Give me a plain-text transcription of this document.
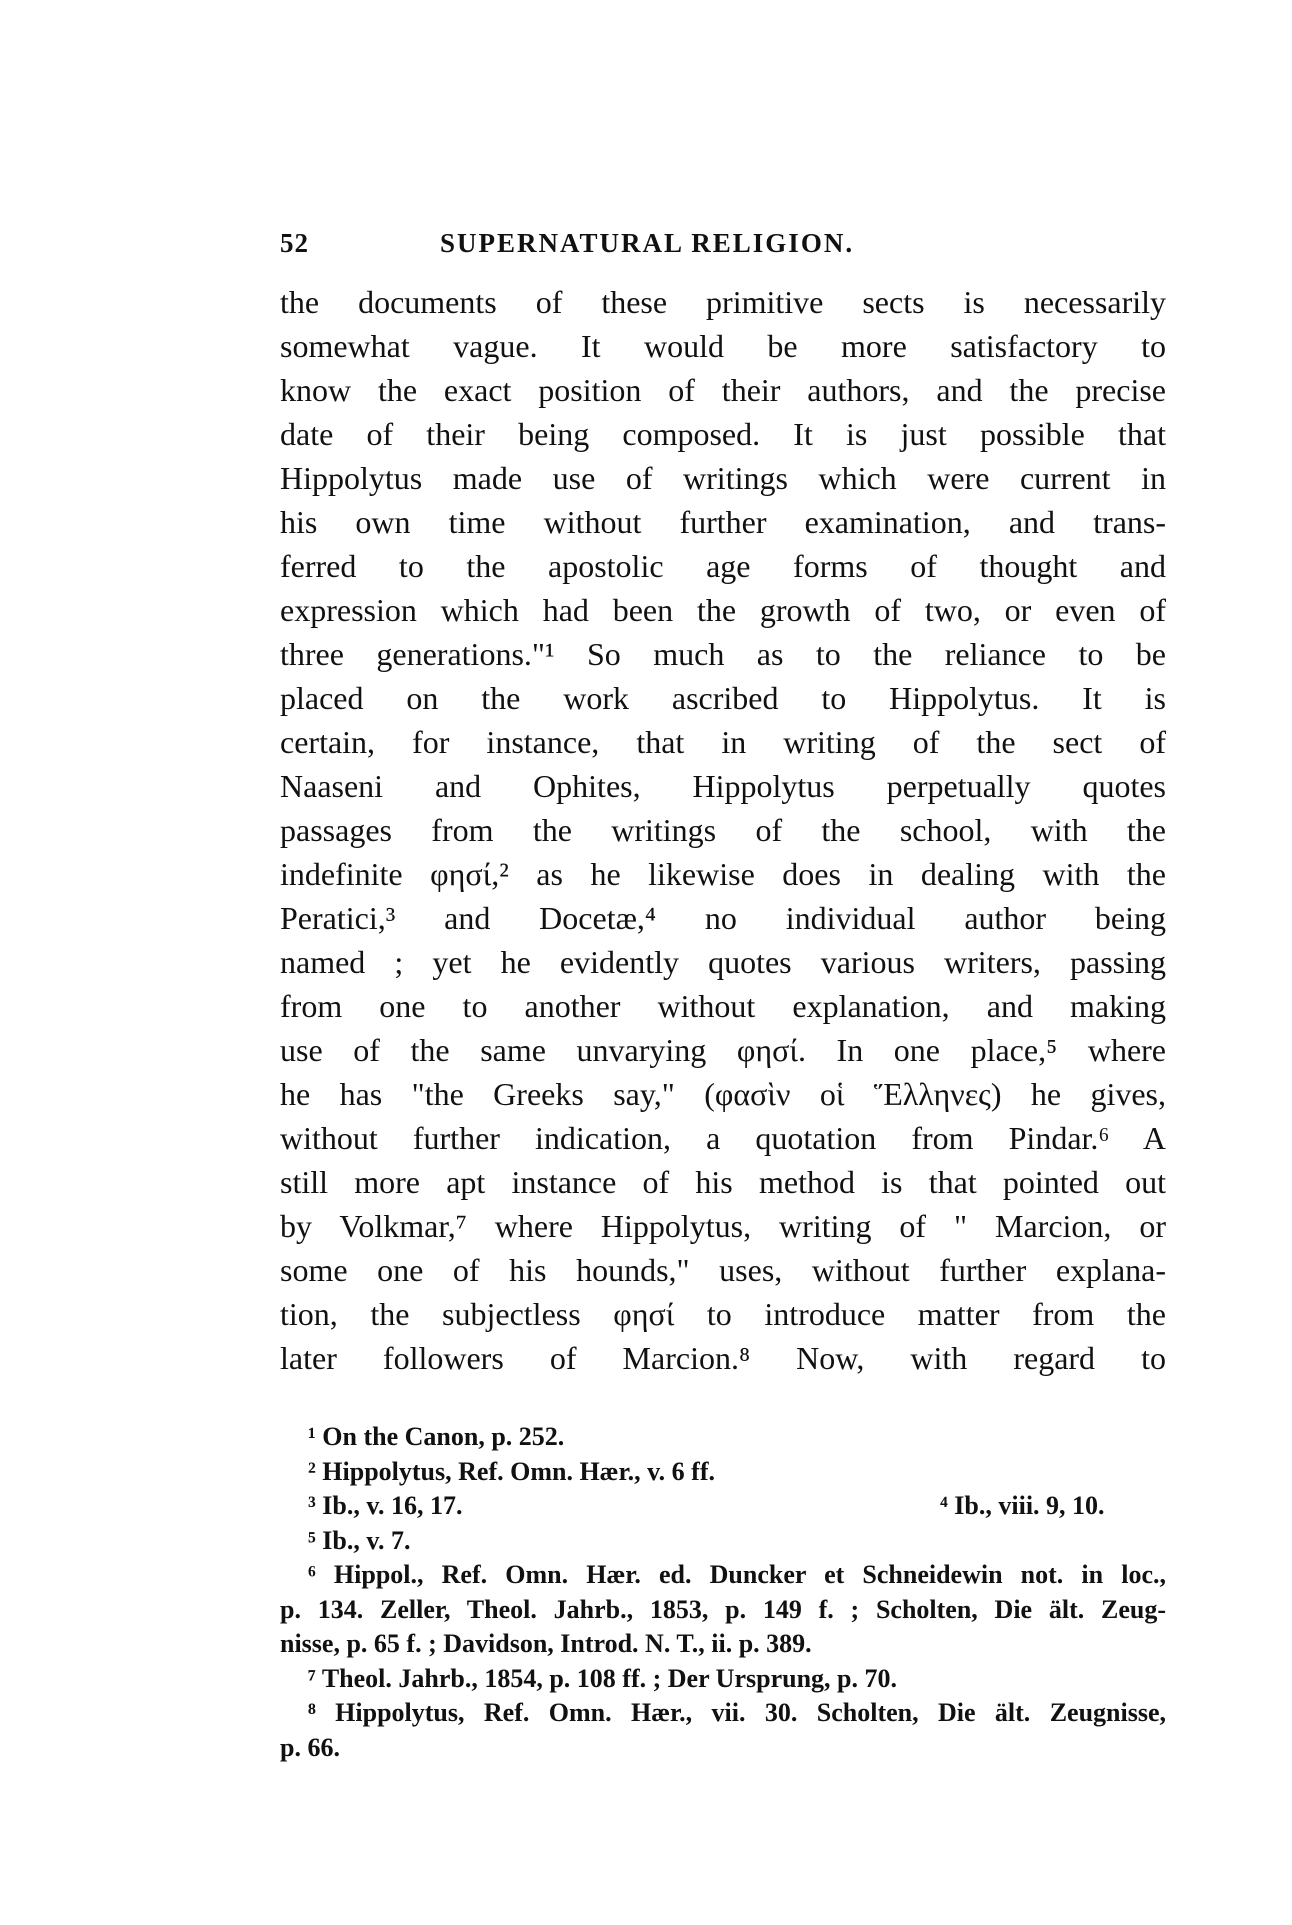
52	SUPERNATURAL RELIGION.
the documents of these primitive sects is necessarily
somewhat vague. It would be more satisfactory to
know the exact position of their authors, and the precise
date of their being composed. It is just possible that
Hippolytus made use of writings which were current in
his own time without further examination, and trans-
ferred to the apostolic age forms of thought and
expression which had been the growth of two, or even of
three generations."¹ So much as to the reliance to be
placed on the work ascribed to Hippolytus. It is
certain, for instance, that in writing of the sect of
Naaseni and Ophites, Hippolytus perpetually quotes
passages from the writings of the school, with the
indefinite φησί,² as he likewise does in dealing with the
Peratici,³ and Docetæ,⁴ no individual author being
named ; yet he evidently quotes various writers, passing
from one to another without explanation, and making
use of the same unvarying φησί. In one place,⁵ where
he has "the Greeks say," (φασὶν οἱ Ἕλληνες) he gives,
without further indication, a quotation from Pindar.⁶ A
still more apt instance of his method is that pointed out
by Volkmar,⁷ where Hippolytus, writing of " Marcion, or
some one of his hounds," uses, without further explana-
tion, the subjectless φησί to introduce matter from the
later followers of Marcion.⁸ Now, with regard to
¹ On the Canon, p. 252.
² Hippolytus, Ref. Omn. Hær., v. 6 ff.
³ Ib., v. 16, 17.	⁴ Ib., viii. 9, 10.
⁵ Ib., v. 7.
⁶ Hippol., Ref. Omn. Hær. ed. Duncker et Schneidewin not. in loc.,
p. 134. Zeller, Theol. Jahrb., 1853, p. 149 f. ; Scholten, Die ält. Zeug-
nisse, p. 65 f. ; Davidson, Introd. N. T., ii. p. 389.
⁷ Theol. Jahrb., 1854, p. 108 ff. ; Der Ursprung, p. 70.
⁸ Hippolytus, Ref. Omn. Hær., vii. 30. Scholten, Die ält. Zeugnisse,
p. 66.
